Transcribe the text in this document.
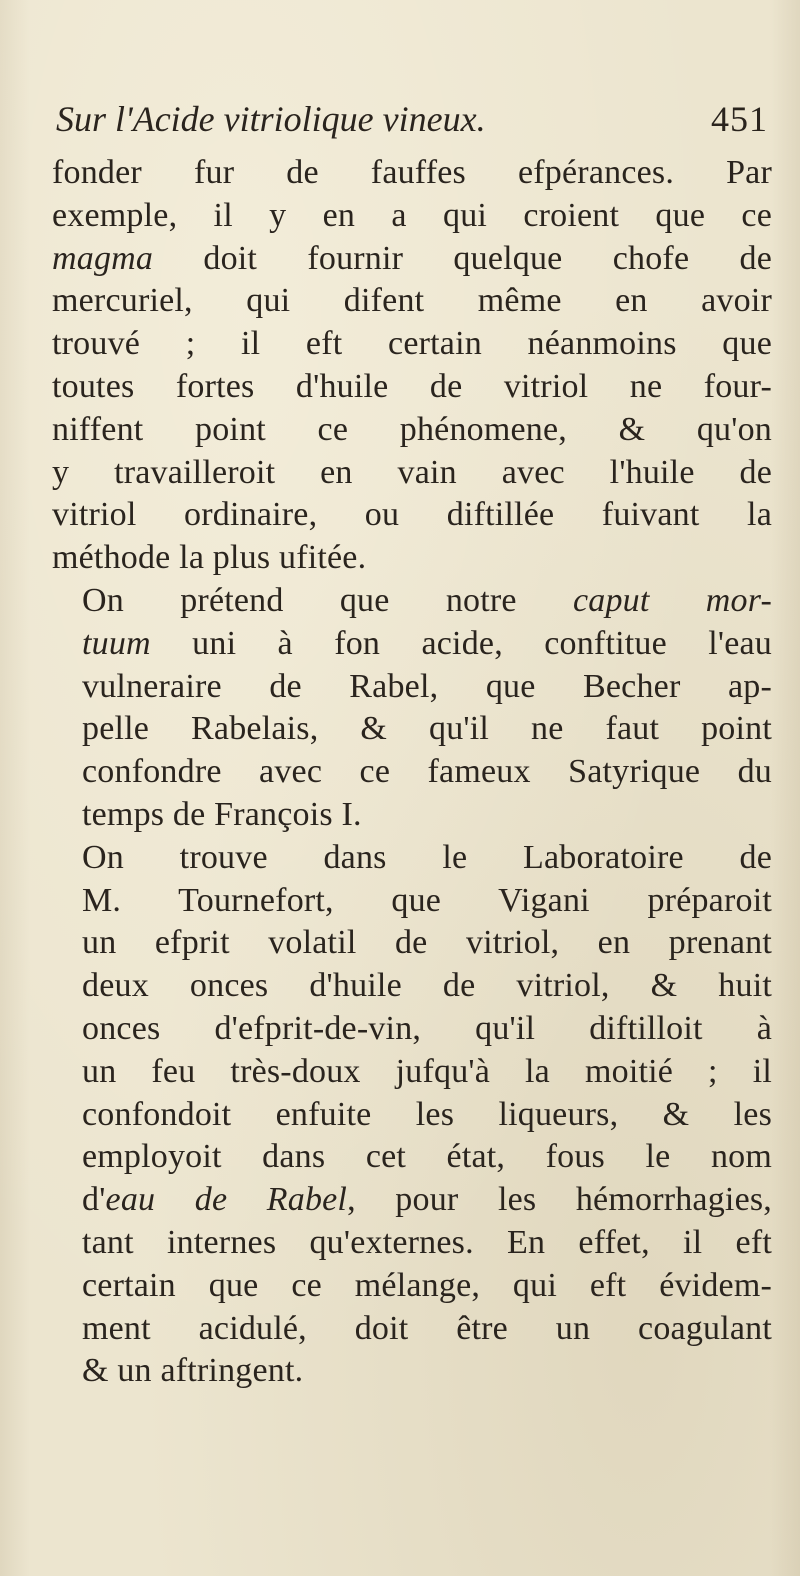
Sur l'Acide vitriolique vineux.	451

fonder fur de fauffes efpérances. Par
exemple, il y en a qui croient que ce
magma doit fournir quelque chofe de
mercuriel, qui difent même en avoir
trouvé ; il eft certain néanmoins que
toutes fortes d'huile de vitriol ne four-
niffent point ce phénomene, & qu'on
y travailleroit en vain avec l'huile de
vitriol ordinaire, ou diftillée fuivant la
méthode la plus ufitée.

On prétend que notre caput mor-
tuum uni à fon acide, conftitue l'eau
vulneraire de Rabel, que Becher ap-
pelle Rabelais, & qu'il ne faut point
confondre avec ce fameux Satyrique du
temps de François I.

On trouve dans le Laboratoire de
M. Tournefort, que Vigani préparoit
un efprit volatil de vitriol, en prenant
deux onces d'huile de vitriol, & huit
onces d'efprit-de-vin, qu'il diftilloit à
un feu très-doux jufqu'à la moitié ; il
confondoit enfuite les liqueurs, & les
employoit dans cet état, fous le nom
d'eau de Rabel, pour les hémorrhagies,
tant internes qu'externes. En effet, il eft
certain que ce mélange, qui eft évidem-
ment acidulé, doit être un coagulant
& un aftringent.
